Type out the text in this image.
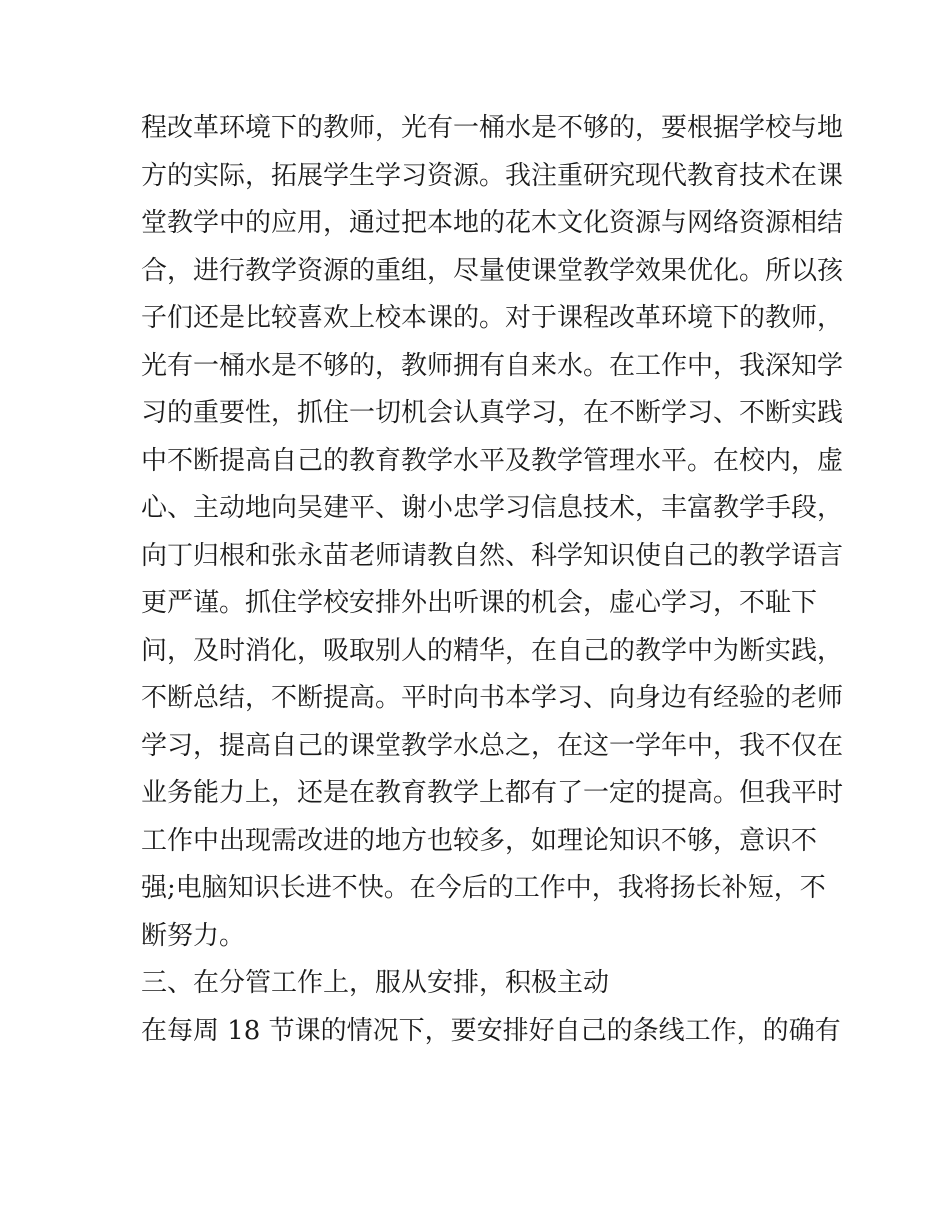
程改革环境下的教师，光有一桶水是不够的，要根据学校与地

方的实际，拓展学生学习资源。我注重研究现代教育技术在课

堂教学中的应用，通过把本地的花木文化资源与网络资源相结

合，进行教学资源的重组，尽量使课堂教学效果优化。所以孩

子们还是比较喜欢上校本课的。对于课程改革环境下的教师，

光有一桶水是不够的，教师拥有自来水。在工作中，我深知学

习的重要性，抓住一切机会认真学习，在不断学习、不断实践

中不断提高自己的教育教学水平及教学管理水平。在校内，虚

心、主动地向吴建平、谢小忠学习信息技术，丰富教学手段，

向丁归根和张永苗老师请教自然、科学知识使自己的教学语言

更严谨。抓住学校安排外出听课的机会，虚心学习，不耻下

问，及时消化，吸取别人的精华，在自己的教学中为断实践，

不断总结，不断提高。平时向书本学习、向身边有经验的老师

学习，提高自己的课堂教学水总之，在这一学年中，我不仅在

业务能力上，还是在教育教学上都有了一定的提高。但我平时

工作中出现需改进的地方也较多，如理论知识不够，意识不

强;电脑知识长进不快。在今后的工作中，我将扬长补短，不

断努力。

三、在分管工作上，服从安排，积极主动

在每周 18 节课的情况下，要安排好自己的条线工作，的确有
